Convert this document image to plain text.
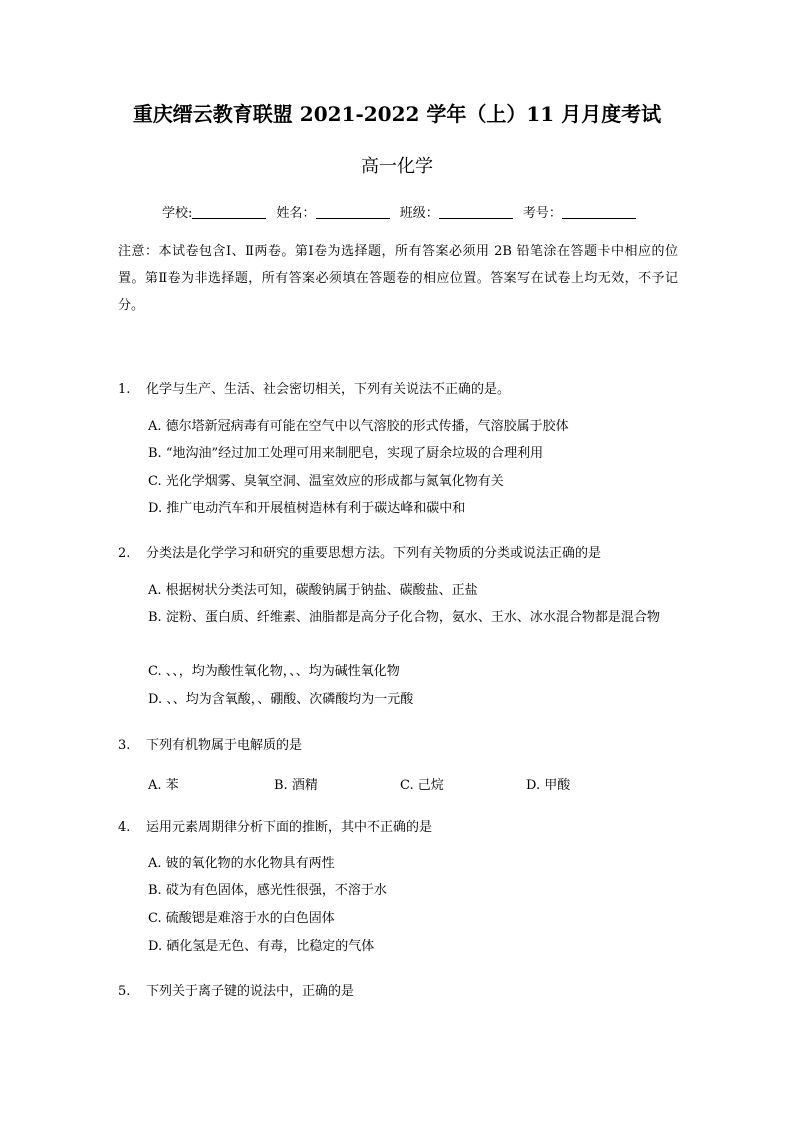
重庆缙云教育联盟 2021-2022 学年（上）11 月月度考试
高一化学
学校:	姓名：	班级：	考号：
注意：本试卷包含Ⅰ、Ⅱ两卷。第Ⅰ卷为选择题，所有答案必须用 2B 铅笔涂在答题卡中相应的位置。第Ⅱ卷为非选择题，所有答案必须填在答题卷的相应位置。答案写在试卷上均无效，不予记分。
1. 化学与生产、生活、社会密切相关，下列有关说法不正确的是。
A. 德尔塔新冠病毒有可能在空气中以气溶胶的形式传播，气溶胶属于胶体
B. “地沟油”经过加工处理可用来制肥皂，实现了厨余垃圾的合理利用
C. 光化学烟雾、臭氧空洞、温室效应的形成都与氮氧化物有关
D. 推广电动汽车和开展植树造林有利于碳达峰和碳中和
2. 分类法是化学学习和研究的重要思想方法。下列有关物质的分类或说法正确的是
A. 根据树状分类法可知，碳酸钠属于钠盐、碳酸盐、正盐
B. 淀粉、蛋白质、纤维素、油脂都是高分子化合物，氨水、王水、冰水混合物都是混合物
C. 、、，均为酸性氧化物，、、均为碱性氧化物
D. 、、均为含氧酸，、硼酸、次磷酸均为一元酸
3. 下列有机物属于电解质的是
A. 苯	B. 酒精	C. 己烷	D. 甲酸
4. 运用元素周期律分析下面的推断，其中不正确的是
A. 铍的氧化物的水化物具有两性
B. 砹为有色固体，感光性很强，不溶于水
C. 硫酸锶是难溶于水的白色固体
D. 硒化氢是无色、有毒，比稳定的气体
5. 下列关于离子键的说法中，正确的是
